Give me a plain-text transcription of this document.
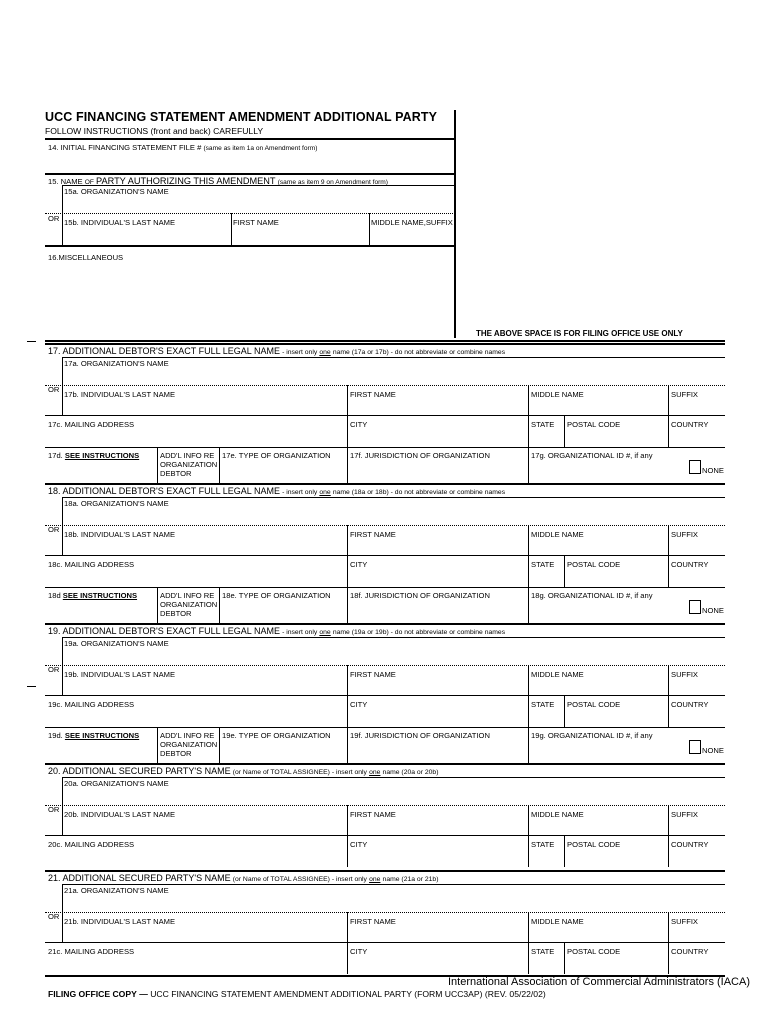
UCC FINANCING STATEMENT AMENDMENT ADDITIONAL PARTY
FOLLOW INSTRUCTIONS (front and back) CAREFULLY
14. INITIAL FINANCING STATEMENT FILE # (same as item 1a on Amendment form)
15. NAME OF PARTY AUTHORIZING THIS AMENDMENT (same as item 9 on Amendment form)
15a. ORGANIZATION'S NAME
OR 15b. INDIVIDUAL'S LAST NAME	FIRST NAME	MIDDLE NAME,SUFFIX
16.MISCELLANEOUS
THE ABOVE SPACE IS FOR FILING OFFICE USE ONLY
17. ADDITIONAL DEBTOR'S EXACT FULL LEGAL NAME - insert only one name (17a or 17b) - do not abbreviate or combine names
17a. ORGANIZATION'S NAME
OR
17b. INDIVIDUAL'S LAST NAME	FIRST NAME	MIDDLE NAME	SUFFIX
17c. MAILING ADDRESS	CITY	STATE POSTAL CODE	COUNTRY
17d. SEE INSTRUCTIONS	ADD'L INFO RE
ORGANIZATION
DEBTOR
17e. TYPE OF ORGANIZATION	17f. JURISDICTION OF ORGANIZATION	17g. ORGANIZATIONAL ID #, if any
NONE
18. ADDITIONAL DEBTOR'S EXACT FULL LEGAL NAME - insert only one name (18a or 18b) - do not abbreviate or combine names
18a. ORGANIZATION'S NAME
OR
18b. INDIVIDUAL'S LAST NAME	FIRST NAME	MIDDLE NAME	SUFFIX
18c. MAILING ADDRESS	CITY	STATE POSTAL CODE	COUNTRY
18d SEE INSTRUCTIONS	ADD'L INFO RE
ORGANIZATION
DEBTOR
18e. TYPE OF ORGANIZATION	18f. JURISDICTION OF ORGANIZATION	18g. ORGANIZATIONAL ID #, if any
NONE
19. ADDITIONAL DEBTOR'S EXACT FULL LEGAL NAME - insert only one name (19a or 19b) - do not abbreviate or combine names
19a. ORGANIZATION'S NAME
OR
19b. INDIVIDUAL'S LAST NAME	FIRST NAME	MIDDLE NAME	SUFFIX
19c. MAILING ADDRESS	CITY	STATE POSTAL CODE	COUNTRY
19d. SEE INSTRUCTIONS	ADD'L INFO RE
ORGANIZATION
DEBTOR
19e. TYPE OF ORGANIZATION	19f. JURISDICTION OF ORGANIZATION	19g. ORGANIZATIONAL ID #, if any
NONE
20. ADDITIONAL SECURED PARTY'S NAME (or Name of TOTAL ASSIGNEE) - insert only one name (20a or 20b)
20a. ORGANIZATION'S NAME
OR
20b. INDIVIDUAL'S LAST NAME	FIRST NAME	MIDDLE NAME	SUFFIX
20c. MAILING ADDRESS	CITY	STATE POSTAL CODE	COUNTRY
21. ADDITIONAL SECURED PARTY'S NAME (or Name of TOTAL ASSIGNEE) - insert only one name (21a or 21b)
21a. ORGANIZATION'S NAME
OR
21b. INDIVIDUAL'S LAST NAME	FIRST NAME	MIDDLE NAME	SUFFIX
21c. MAILING ADDRESS	CITY	STATE POSTAL CODE	COUNTRY
International Association of Commercial Administrators (IACA)
FILING OFFICE COPY — UCC FINANCING STATEMENT AMENDMENT ADDITIONAL PARTY (FORM UCC3AP) (REV. 05/22/02)
